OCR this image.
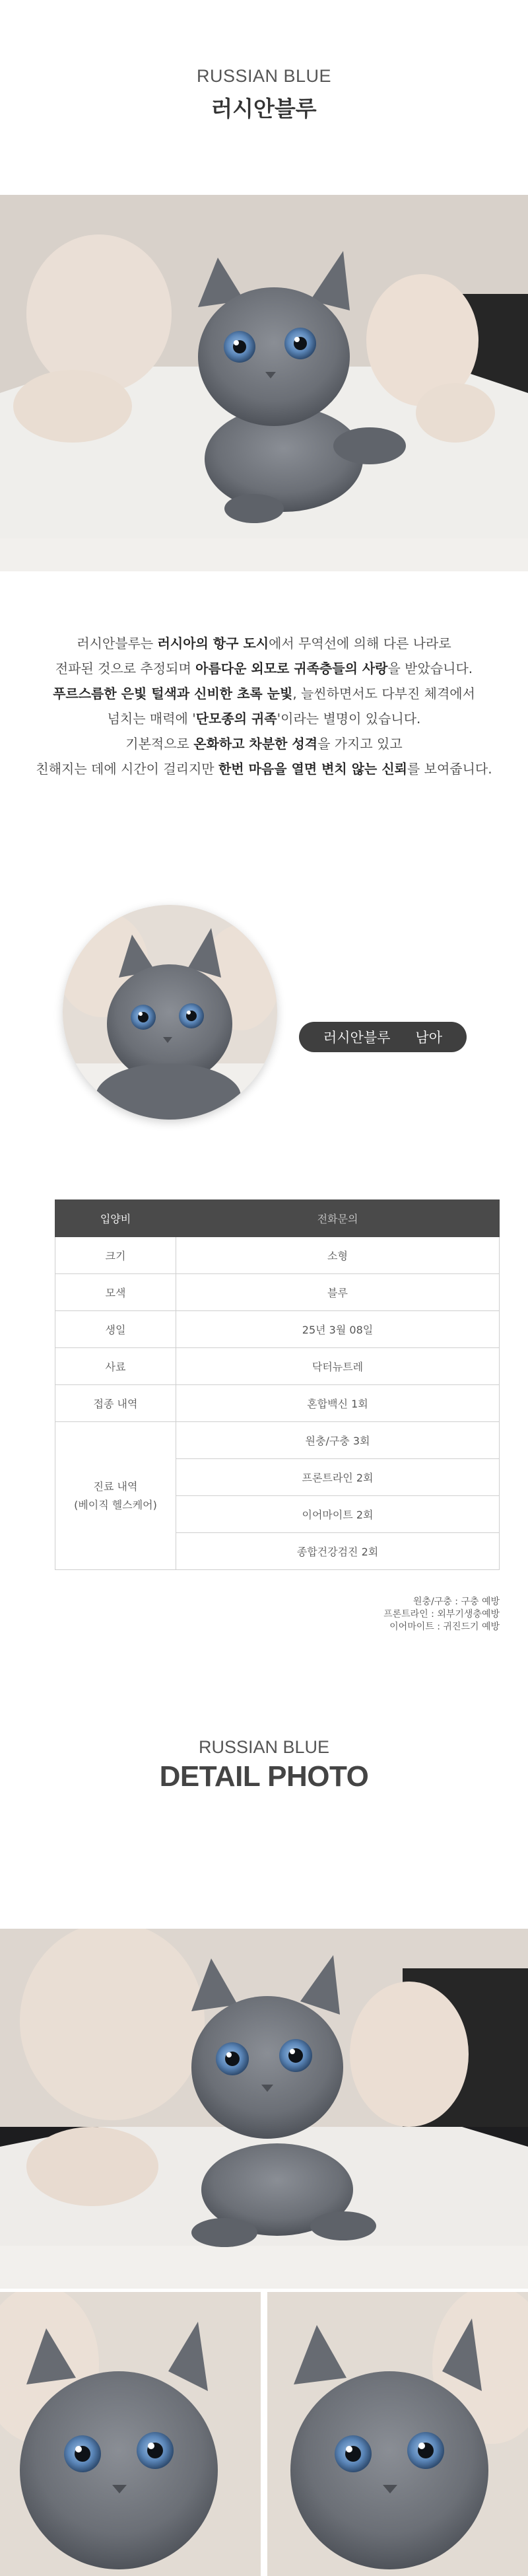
RUSSIAN BLUE
러시안블루

러시안블루는 러시아의 항구 도시에서 무역선에 의해 다른 나라로

전파된 것으로 추정되며 아름다운 외모로 귀족층들의 사랑을 받았습니다.

푸르스름한 은빛 털색과 신비한 초록 눈빛, 늘씬하면서도 다부진 체격에서

넘치는 매력에 '단모종의 귀족'이라는 별명이 있습니다.

기본적으로 온화하고 차분한 성격을 가지고 있고

친해지는 데에 시간이 걸리지만 한번 마음을 열면 변치 않는 신뢰를 보여줍니다.

러시안블루 남아
입양비	전화문의
크기	소형
모색	블루
생일	25년 3월 08일
사료	닥터뉴트레
접종 내역	혼합백신 1회

진료 내역
(베이직 헬스케어)	원충/구충 3회
	프론트라인 2회
	이어마이트 2회
	종합건강검진 2회
원충/구충 : 구충 예방
프론트라인 : 외부기생충예방
이어마이트 : 귀진드기 예방
RUSSIAN BLUE
DETAIL PHOTO
